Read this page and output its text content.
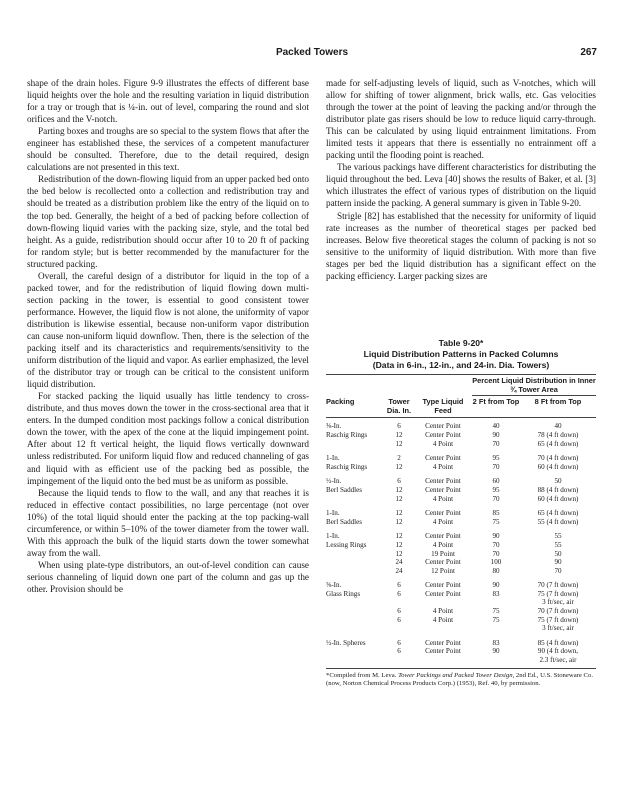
Packed Towers	267

shape of the drain holes. Figure 9-9 illustrates the effects of different base liquid heights over the hole and the resulting variation in liquid distribution for a tray or trough that is ¼-in. out of level, comparing the round and slot orifices and the V-notch.

Parting boxes and troughs are so special to the system flows that after the engineer has established these, the services of a competent manufacturer should be consulted. Therefore, due to the detail required, design calculations are not presented in this text.

Redistribution of the down-flowing liquid from an upper packed bed onto the bed below is recollected onto a collection and redistribution tray and should be treated as a distribution problem like the entry of the liquid on to the top bed. Generally, the height of a bed of packing before collection of down-flowing liquid varies with the packing size, style, and the total bed height. As a guide, redistribution should occur after 10 to 20 ft of packing for random style; but is better recommended by the manufacturer for the structured packing.

Overall, the careful design of a distributor for liquid in the top of a packed tower, and for the redistribution of liquid flowing down multi-section packing in the tower, is essential to good consistent tower performance. However, the liquid flow is not alone, the uniformity of vapor distribution is likewise essential, because non-uniform vapor distribution can cause non-uniform liquid downflow. Then, there is the selection of the packing itself and its characteristics and requirements/sensitivity to the uniform distribution of the liquid and vapor. As earlier emphasized, the level of the distributor tray or trough can be critical to the consistent uniform liquid distribution.

For stacked packing the liquid usually has little tendency to cross-distribute, and thus moves down the tower in the cross-sectional area that it enters. In the dumped condition most packings follow a conical distribution down the tower, with the apex of the cone at the liquid impingement point. After about 12 ft vertical height, the liquid flows vertically downward unless redistributed. For uniform liquid flow and reduced channeling of gas and liquid with as efficient use of the packing bed as possible, the impingement of the liquid onto the bed must be as uniform as possible.

Because the liquid tends to flow to the wall, and any that reaches it is reduced in effective contact possibilities, no large percentage (not over 10%) of the total liquid should enter the packing at the top packing-wall circumference, or within 5–10% of the tower diameter from the tower wall. With this approach the bulk of the liquid starts down the tower somewhat away from the wall.

When using plate-type distributors, an out-of-level condition can cause serious channeling of liquid down one part of the column and gas up the other. Provision should be

made for self-adjusting levels of liquid, such as V-notches, which will allow for shifting of tower alignment, brick walls, etc. Gas velocities through the tower at the point of leaving the packing and/or through the distributor plate gas risers should be low to reduce liquid carry-through. This can be calculated by using liquid entrainment limitations. From limited tests it appears that there is essentially no entrainment off a packing until the flooding point is reached.

The various packings have different characteristics for distributing the liquid throughout the bed. Leva [40] shows the results of Baker, et al. [3] which illustrates the effect of various types of distribution on the liquid pattern inside the packing. A general summary is given in Table 9-20.

Strigle [82] has established that the necessity for uniformity of liquid rate increases as the number of theoretical stages per packed bed increases. Below five theoretical stages the column of packing is not so sensitive to the uniformity of liquid distribution. With more than five stages per bed the liquid distribution has a significant effect on the packing efficiency. Larger packing sizes are

Table 9-20*
Liquid Distribution Patterns in Packed Columns
(Data in 6-in., 12-in., and 24-in. Dia. Towers)
			Percent Liquid Distribution in Inner ¾ Tower Area	

Packing	Tower Dia. In.	Type Liquid Feed	2 Ft from Top	8 Ft from Top

⅜-In.	6	Center Point	40	40
Raschig Rings	12	Center Point	90	78 (4 ft down)
	12	4 Point	70	65 (4 ft down)

1-In.	2	Center Point	95	70 (4 ft down)
Raschig Rings	12	4 Point	70	60 (4 ft down)

½-In.	6	Center Point	60	50
Berl Saddles	12	Center Point	95	88 (4 ft down)
	12	4 Point	70	60 (4 ft down)

1-In.	12	Center Point	85	65 (4 ft down)
Berl Saddles	12	4 Point	75	55 (4 ft down)

1-In.	12	Center Point	90	55
Lessing Rings	12	4 Point	70	55
	12	19 Point	70	50
	24	Center Point	100	90
	24	12 Point	80	70

⅝-In.	6	Center Point	90	70 (7 ft down)
Glass Rings	6	Center Point	83	75 (7 ft down)
				3 ft/sec, air
	6	4 Point	75	70 (7 ft down)
	6	4 Point	75	75 (7 ft down)
				3 ft/sec, air

½-In. Spheres	6	Center Point	83	85 (4 ft down)
	6	Center Point	90	90 (4 ft down,
				2.3 ft/sec, air
*Compiled from M. Leva. Tower Packings and Packed Tower Design, 2nd Ed., U.S. Stoneware Co. (now, Norton Chemical Process Products Corp.) (1953), Ref. 40, by permission.
